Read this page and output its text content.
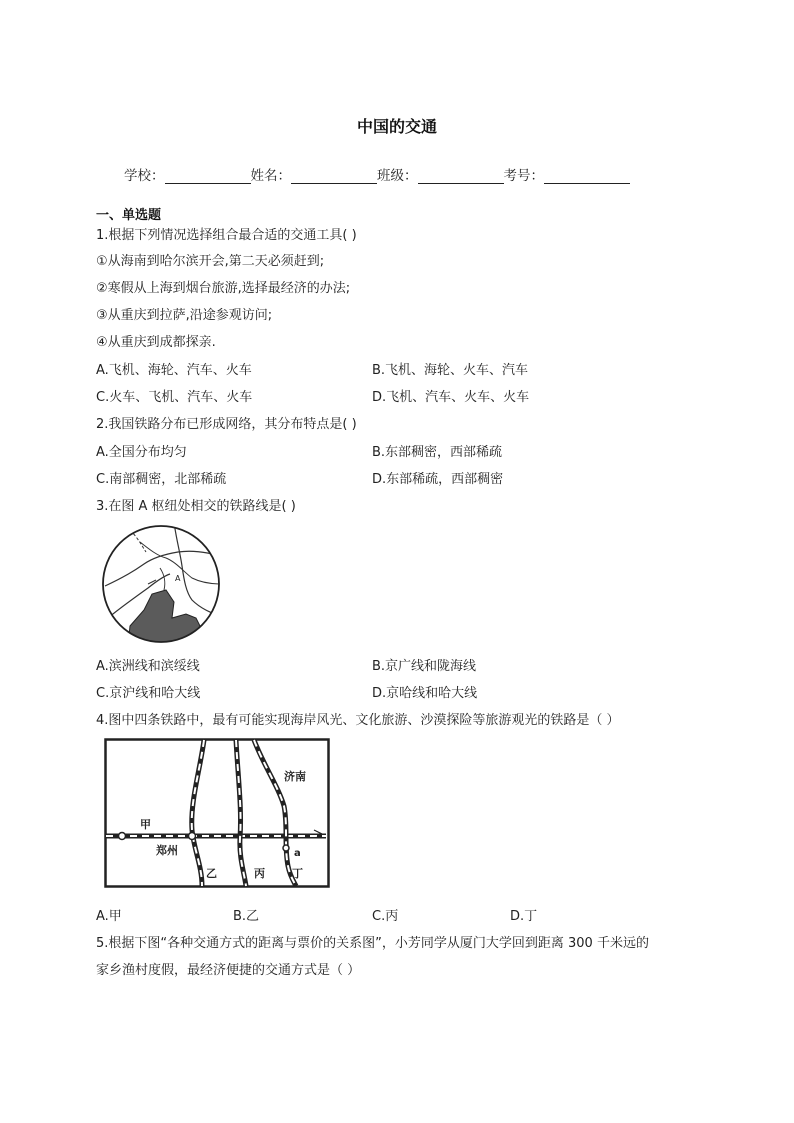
中国的交通
学校：	姓名：	班级：	考号：
一、单选题
1.根据下列情况选择组合最合适的交通工具( )
①从海南到哈尔滨开会,第二天必须赶到;
②寒假从上海到烟台旅游,选择最经济的办法;
③从重庆到拉萨,沿途参观访问;
④从重庆到成都探亲.
A.飞机、海轮、汽车、火车	B.飞机、海轮、火车、汽车
C.火车、飞机、汽车、火车	D.飞机、汽车、火车、火车
2.我国铁路分布已形成网络，其分布特点是( )
A.全国分布均匀	B.东部稠密，西部稀疏
C.南部稠密，北部稀疏	D.东部稀疏，西部稠密
3.在图 A 枢纽处相交的铁路线是( )
A
A.滨洲线和滨绥线	B.京广线和陇海线
C.京沪线和哈大线	D.京哈线和哈大线
4.图中四条铁路中，最有可能实现海岸风光、文化旅游、沙漠探险等旅游观光的铁路是（ ）
济南
甲
郑州
乙	丙 丁
a
A.甲	B.乙	C.丙	D.丁
5.根据下图“各种交通方式的距离与票价的关系图”，小芳同学从厦门大学回到距离 300 千米远的
家乡渔村度假，最经济便捷的交通方式是（ ）
